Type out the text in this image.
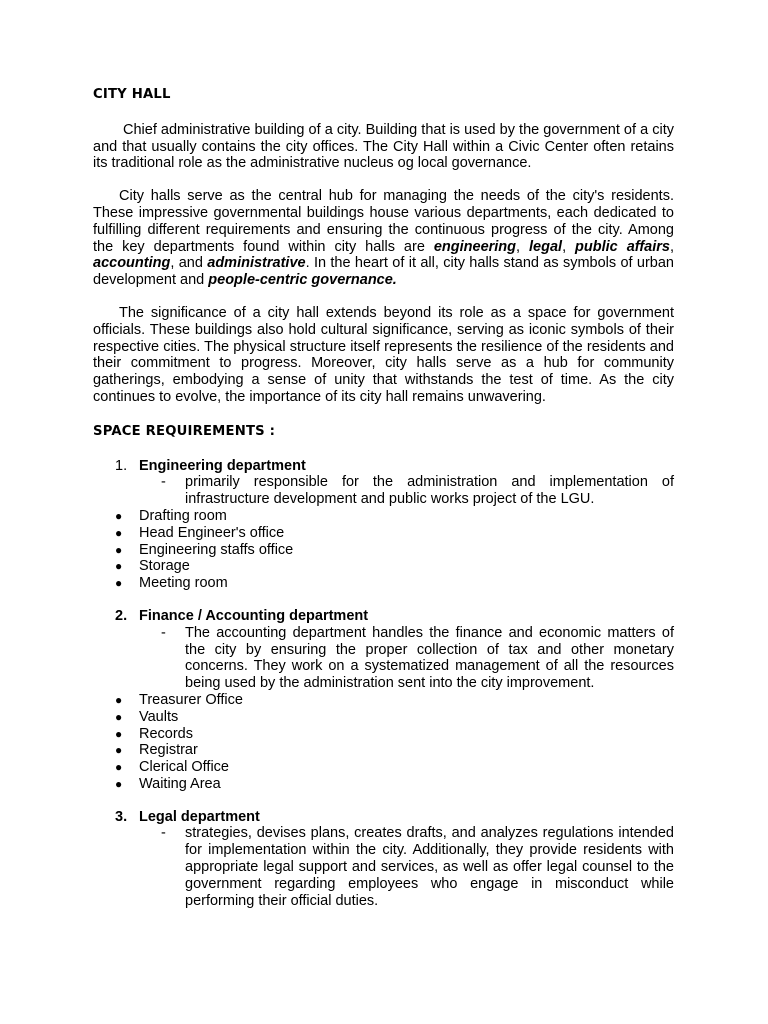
CITY HALL

Chief administrative building of a city. Building that is used by the government of a city and that usually contains the city offices. The City Hall within a Civic Center often retains its traditional role as the administrative nucleus og local governance.

City halls serve as the central hub for managing the needs of the city's residents. These impressive governmental buildings house various departments, each dedicated to fulfilling different requirements and ensuring the continuous progress of the city. Among the key departments found within city halls are engineering, legal, public affairs, accounting, and administrative. In the heart of it all, city halls stand as symbols of urban development and people-centric governance.

The significance of a city hall extends beyond its role as a space for government officials. These buildings also hold cultural significance, serving as iconic symbols of their respective cities. The physical structure itself represents the resilience of the residents and their commitment to progress. Moreover, city halls serve as a hub for community gatherings, embodying a sense of unity that withstands the test of time. As the city continues to evolve, the importance of its city hall remains unwavering.

SPACE REQUIREMENTS :

1. Engineering department

- primarily responsible for the administration and implementation of infrastructure development and public works project of the LGU.

● Drafting room
● Head Engineer's office
● Engineering staffs office
● Storage
● Meeting room

2. Finance / Accounting department

- The accounting department handles the finance and economic matters of the city by ensuring the proper collection of tax and other monetary concerns. They work on a systematized management of all the resources being used by the administration sent into the city improvement.

● Treasurer Office
● Vaults
● Records
● Registrar
● Clerical Office
● Waiting Area

3. Legal department

- strategies, devises plans, creates drafts, and analyzes regulations intended for implementation within the city. Additionally, they provide residents with appropriate legal support and services, as well as offer legal counsel to the government regarding employees who engage in misconduct while performing their official duties.
